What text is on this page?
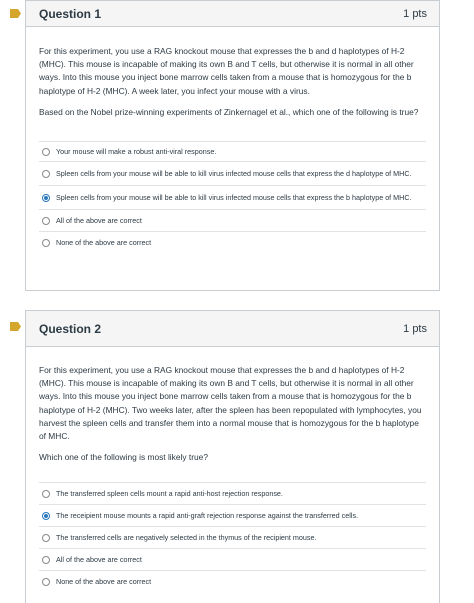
Question 1	1 pts

For this experiment, you use a RAG knockout mouse that expresses the b and d haplotypes of H-2 (MHC). This mouse is incapable of making its own B and T cells, but otherwise it is normal in all other ways. Into this mouse you inject bone marrow cells taken from a mouse that is homozygous for the b haplotype of H-2 (MHC). A week later, you infect your mouse with a virus.

Based on the Nobel prize-winning experiments of Zinkernagel et al., which one of the following is true?

Your mouse will make a robust anti-viral response.
Spleen cells from your mouse will be able to kill virus infected mouse cells that express the d haplotype of MHC.
Spleen cells from your mouse will be able to kill virus infected mouse cells that express the b haplotype of MHC.
All of the above are correct
None of the above are correct
Question 2	1 pts

For this experiment, you use a RAG knockout mouse that expresses the b and d haplotypes of H-2 (MHC). This mouse is incapable of making its own B and T cells, but otherwise it is normal in all other ways. Into this mouse you inject bone marrow cells taken from a mouse that is homozygous for the b haplotype of H-2 (MHC). Two weeks later, after the spleen has been repopulated with lymphocytes, you harvest the spleen cells and transfer them into a normal mouse that is homozygous for the b haplotype of MHC.

Which one of the following is most likely true?

The transferred spleen cells mount a rapid anti-host rejection response.
The receipient mouse mounts a rapid anti-graft rejection response against the transferred cells.
The transferred cells are negatively selected in the thymus of the recipient mouse.
All of the above are correct
None of the above are correct
